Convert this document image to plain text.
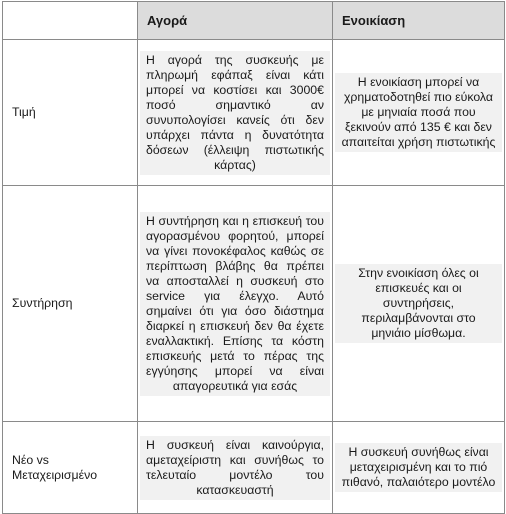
	Αγορά	Ενοικίαση
Τιμή	Η αγορά της συσκευής με πληρωμή εφάπαξ είναι κάτι μπορεί να κοστίσει και 3000€ ποσό σημαντικό αν συνυπολογίσει κανείς ότι δεν υπάρχει πάντα η δυνατότητα δόσεων (έλλειψη πιστωτικής κάρτας)	Η ενοικίαση μπορεί να χρηματοδοτηθεί πιο εύκολα με μηνιαία ποσά που ξεκινούν από 135 € και δεν απαιτείται χρήση πιστωτικής

Συντήρηση	Η συντήρηση και η επισκευή του αγορασμένου φορητού, μπορεί να γίνει πονοκέφαλος καθώς σε περίπτωση βλάβης θα πρέπει να αποσταλλεί η συσκευή στο service για έλεγχο. Αυτό σημαίνει ότι για όσο διάστημα διαρκεί η επισκευή δεν θα έχετε εναλλακτική. Επίσης τα κόστη επισκευής μετά το πέρας της εγγύησης μπορεί να είναι απαγορευτικά για εσάς	Στην ενοικίαση όλες οι επισκευές και οι συντηρήσεις, περιλαμβάνονται στο μηνιάιο μίσθωμα.

Νέο vs Μεταχειρισμένο	Η συσκευή είναι καινούργια, αμεταχείριστη και συνήθως το τελευταίο μοντέλο του κατασκευαστή	Η συσκευή συνήθως είναι μεταχειρισμένη και το πιό πιθανό, παλαιότερο μοντέλο
